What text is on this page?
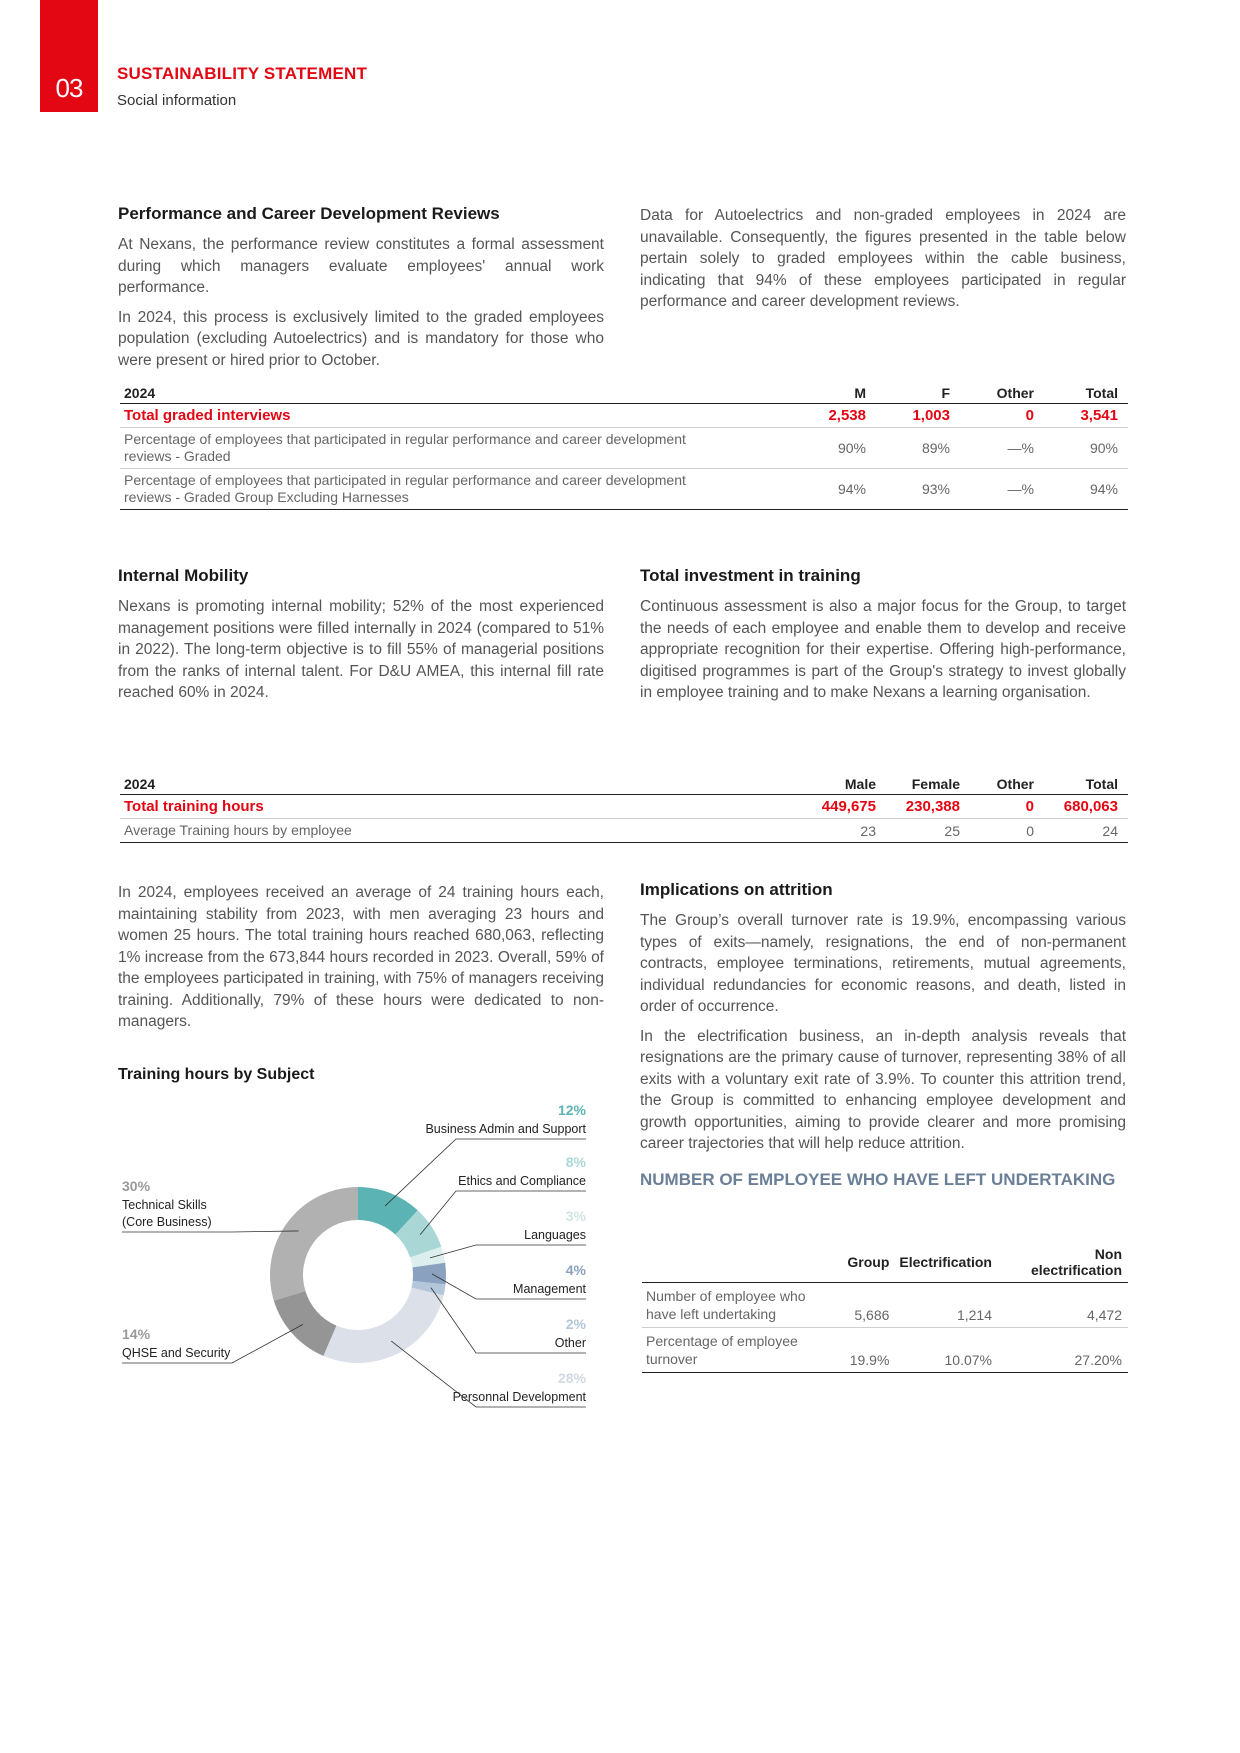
03 SUSTAINABILITY STATEMENT
Social information
Performance and Career Development Reviews

At Nexans, the performance review constitutes a formal assessment during which managers evaluate employees' annual work performance.

In 2024, this process is exclusively limited to the graded employees population (excluding Autoelectrics) and is mandatory for those who were present or hired prior to October.

Data for Autoelectrics and non-graded employees in 2024 are unavailable. Consequently, the figures presented in the table below pertain solely to graded employees within the cable business, indicating that 94% of these employees participated in regular performance and career development reviews.

2024	M	F	Other	Total
Total graded interviews	2,538	1,003	0	3,541
Percentage of employees that participated in regular performance and career development reviews - Graded	90%	89%	—%	90%
Percentage of employees that participated in regular performance and career development reviews - Graded Group Excluding Harnesses	94%	93%	—%	94%
Internal Mobility

Nexans is promoting internal mobility; 52% of the most experienced management positions were filled internally in 2024 (compared to 51% in 2022). The long-term objective is to fill 55% of managerial positions from the ranks of internal talent. For D&U AMEA, this internal fill rate reached 60% in 2024.

Total investment in training

Continuous assessment is also a major focus for the Group, to target the needs of each employee and enable them to develop and receive appropriate recognition for their expertise. Offering high-performance, digitised programmes is part of the Group's strategy to invest globally in employee training and to make Nexans a learning organisation.

2024	Male	Female	Other	Total
Total training hours	449,675	230,388	0	680,063
Average Training hours by employee	23	25	0	24

In 2024, employees received an average of 24 training hours each, maintaining stability from 2023, with men averaging 23 hours and women 25 hours. The total training hours reached 680,063, reflecting 1% increase from the 673,844 hours recorded in 2023. Overall, 59% of the employees participated in training, with 75% of managers receiving training. Additionally, 79% of these hours were dedicated to non-managers.

Training hours by Subject
12%
Business Admin and Support
8%
Ethics and Compliance
3%
Languages
4%
Management
2%
Other
28%
Personnal Development
14%
QHSE and Security
30%
Technical Skills
(Core Business)
Implications on attrition

The Group’s overall turnover rate is 19.9%, encompassing various types of exits—namely, resignations, the end of non-permanent contracts, employee terminations, retirements, mutual agreements, individual redundancies for economic reasons, and death, listed in order of occurrence.

In the electrification business, an in-depth analysis reveals that resignations are the primary cause of turnover, representing 38% of all exits with a voluntary exit rate of 3.9%. To counter this attrition trend, the Group is committed to enhancing employee development and growth opportunities, aiming to provide clearer and more promising career trajectories that will help reduce attrition.

NUMBER OF EMPLOYEE WHO HAVE LEFT UNDERTAKING
	Group	Electrification	Non electrification
Number of employee who have left undertaking	5,686	1,214	4,472
Percentage of employee turnover	19.9%	10.07%	27.20%
